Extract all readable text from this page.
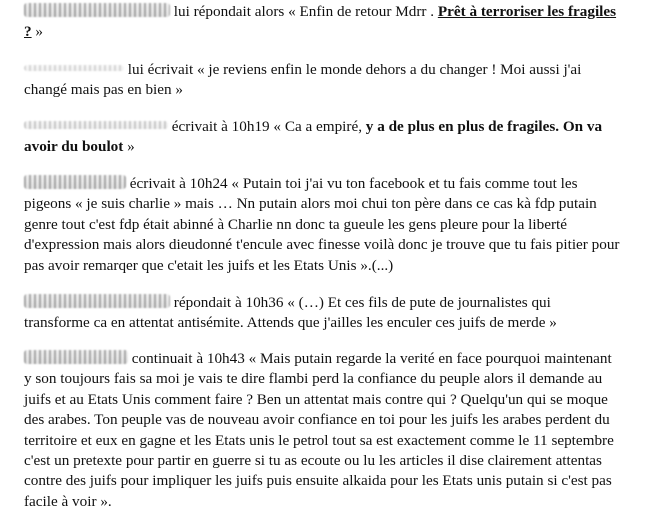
lui répondait alors « Enfin de retour Mdrr . Prêt à terroriser les fragiles ? »

lui écrivait « je reviens enfin le monde dehors a du changer ! Moi aussi j'ai changé mais pas en bien »

écrivait à 10h19 « Ca a empiré, y a de plus en plus de fragiles. On va avoir du boulot »

écrivait à 10h24 « Putain toi j'ai vu ton facebook et tu fais comme tout les pigeons « je suis charlie » mais … Nn putain alors moi chui ton père dans ce cas kà fdp putain genre tout c'est fdp était abinné à Charlie nn donc ta gueule les gens pleure pour la liberté d'expression mais alors dieudonné t'encule avec finesse voilà donc je trouve que tu fais pitier pour pas avoir remarqer que c'etait les juifs et les Etats Unis ».(...)

répondait à 10h36 « (…) Et ces fils de pute de journalistes qui transforme ca en attentat antisémite. Attends que j'ailles les enculer ces juifs de merde »

continuait à 10h43 « Mais putain regarde la verité en face pourquoi maintenant y son toujours fais sa moi je vais te dire flambi perd la confiance du peuple alors il demande au juifs et au Etats Unis comment faire ? Ben un attentat mais contre qui ? Quelqu'un qui se moque des arabes. Ton peuple vas de nouveau avoir confiance en toi pour les juifs les arabes perdent du territoire et eux en gagne et les Etats unis le petrol tout sa est exactement comme le 11 septembre c'est un pretexte pour partir en guerre si tu as ecoute ou lu les articles il dise clairement attentas contre des juifs pour impliquer les juifs puis ensuite alkaida pour les Etats unis putain si c'est pas facile à voir ».
